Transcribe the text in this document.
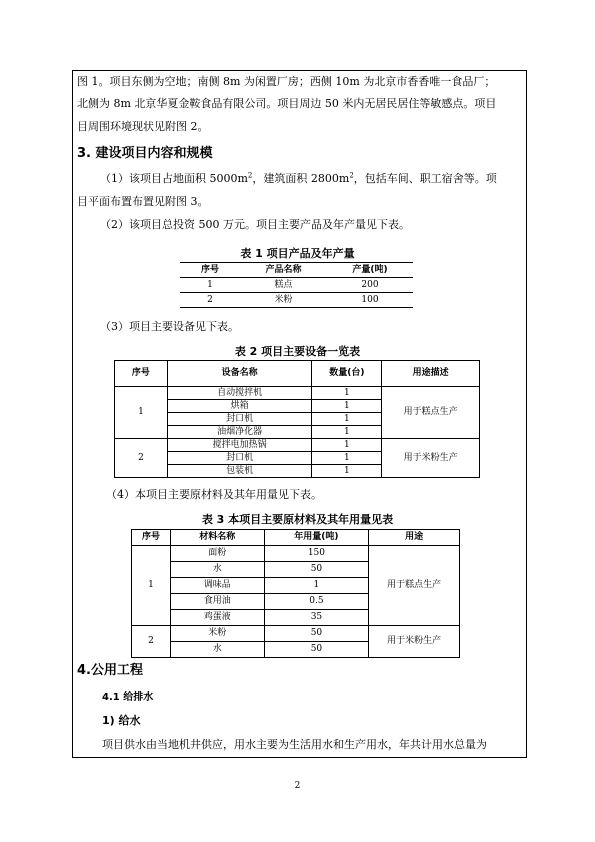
图 1。项目东侧为空地；南侧 8m 为闲置厂房；西侧 10m 为北京市香香唯一食品厂；
北侧为 8m 北京华夏金鞍食品有限公司。项目周边 50 米内无居民居住等敏感点。项目
目周围环境现状见附图 2。
3. 建设项目内容和规模
（1）该项目占地面积 $5000m^2$，建筑面积 $2800m^2$，包括车间、职工宿舍等。项
目平面布置布置见附图 3。
（2）该项目总投资 500 万元。项目主要产品及年产量见下表。
表 1 项目产品及年产量
序号	产品名称	产量(吨)
1	糕点	200
2	米粉	100
（3）项目主要设备见下表。
表 2 项目主要设备一览表
序号	设备名称	数量(台)	用途描述
1	自动搅拌机	1	用于糕点生产
	烘箱	1	
	封口机	1	
	油烟净化器	1	
2	搅拌电加热锅	1	用于米粉生产
	封口机	1	
	包装机	1	
（4）本项目主要原材料及其年用量见下表。
表 3 本项目主要原材料及其年用量见表
序号	材料名称	年用量(吨)	用途
1	面粉	150	用于糕点生产
	水	50	
	调味品	1	
	食用油	0.5	
	鸡蛋液	35	
2	米粉	50	用于米粉生产
	水	50	
4.公用工程
4.1 给排水
1) 给水
项目供水由当地机井供应，用水主要为生活用水和生产用水，年共计用水总量为
2
